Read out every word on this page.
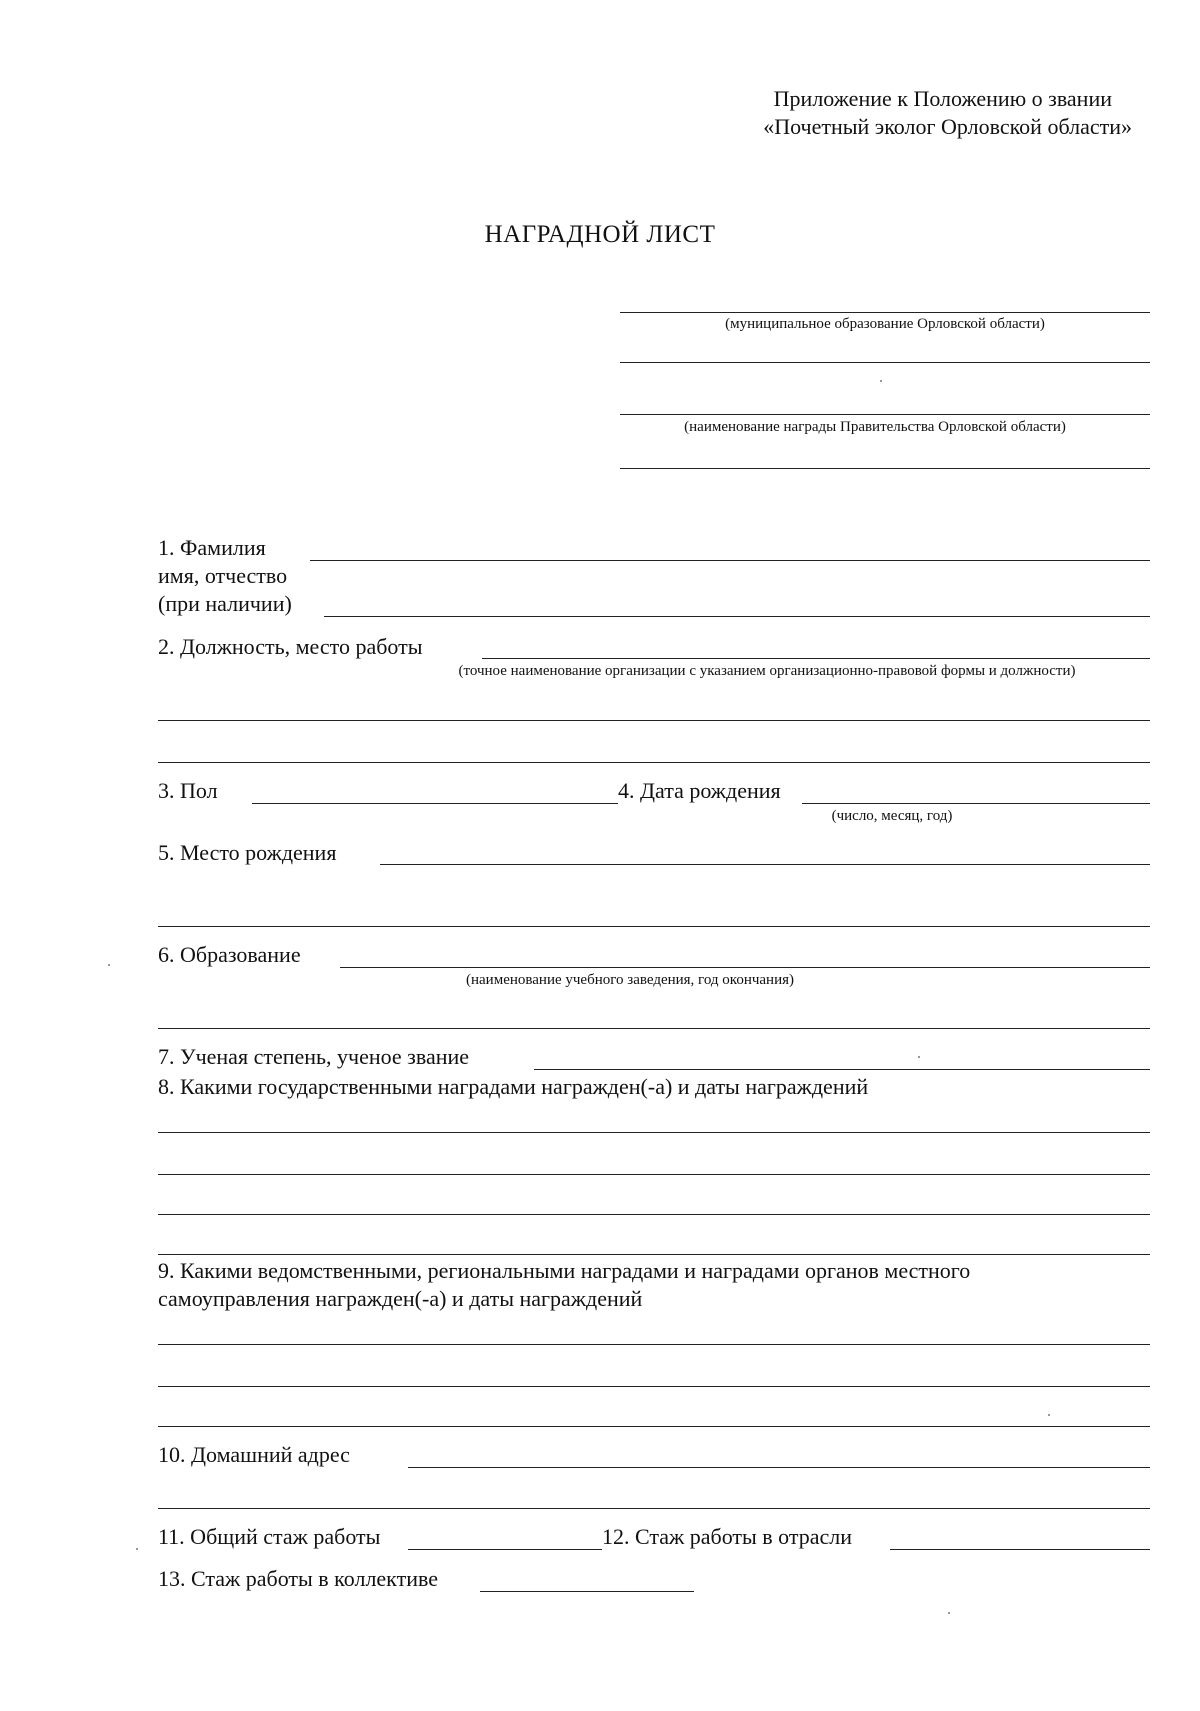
Приложение к Положению о звании
«Почетный эколог Орловской области»
НАГРАДНОЙ ЛИСТ
(муниципальное образование Орловской области)
(наименование награды Правительства Орловской области)
1. Фамилия
имя, отчество
(при наличии)
2. Должность, место работы
(точное наименование организации с указанием организационно-правовой формы и должности)
3. Пол	4. Дата рождения
(число, месяц, год)
5. Место рождения
6. Образование
(наименование учебного заведения, год окончания)
7. Ученая степень, ученое звание
8. Какими государственными наградами награжден(-а) и даты награждений
9. Какими ведомственными, региональными наградами и наградами органов местного
самоуправления награжден(-а) и даты награждений
10. Домашний адрес
11. Общий стаж работы	12. Стаж работы в отрасли
13. Стаж работы в коллективе
